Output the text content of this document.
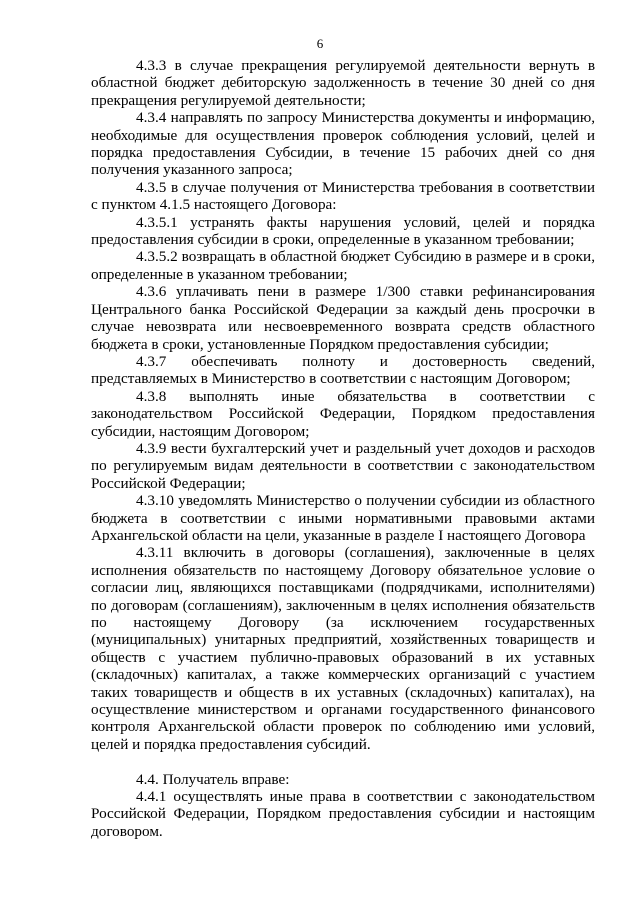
6

4.3.3 в случае прекращения регулируемой деятельности вернуть в областной бюджет дебиторскую задолженность в течение 30 дней со дня прекращения регулируемой деятельности;

4.3.4 направлять по запросу Министерства документы и информацию, необходимые для осуществления проверок соблюдения условий, целей и порядка предоставления Субсидии, в течение 15 рабочих дней со дня получения указанного запроса;

4.3.5 в случае получения от Министерства требования в соответствии с пунктом 4.1.5 настоящего Договора:

4.3.5.1 устранять факты нарушения условий, целей и порядка предоставления субсидии в сроки, определенные в указанном требовании;

4.3.5.2 возвращать в областной бюджет Субсидию в размере и в сроки, определенные в указанном требовании;

4.3.6 уплачивать пени в размере 1/300 ставки рефинансирования Центрального банка Российской Федерации за каждый день просрочки в случае невозврата или несвоевременного возврата средств областного бюджета в сроки, установленные Порядком предоставления субсидии;

4.3.7 обеспечивать полноту и достоверность сведений, представляемых в Министерство в соответствии с настоящим Договором;

4.3.8 выполнять иные обязательства в соответствии с законодательством Российской Федерации, Порядком предоставления субсидии, настоящим Договором;

4.3.9 вести бухгалтерский учет и раздельный учет доходов и расходов по регулируемым видам деятельности в соответствии с законодательством Российской Федерации;

4.3.10 уведомлять Министерство о получении субсидии из областного бюджета в соответствии с иными нормативными правовыми актами Архангельской области на цели, указанные в разделе I настоящего Договора

4.3.11 включить в договоры (соглашения), заключенные в целях исполнения обязательств по настоящему Договору обязательное условие о согласии лиц, являющихся поставщиками (подрядчиками, исполнителями) по договорам (соглашениям), заключенным в целях исполнения обязательств по настоящему Договору (за исключением государственных (муниципальных) унитарных предприятий, хозяйственных товариществ и обществ с участием публично-правовых образований в их уставных (складочных) капиталах, а также коммерческих организаций с участием таких товариществ и обществ в их уставных (складочных) капиталах), на осуществление министерством и органами государственного финансового контроля Архангельской области проверок по соблюдению ими условий, целей и порядка предоставления субсидий.

4.4. Получатель вправе:

4.4.1 осуществлять иные права в соответствии с законодательством Российской Федерации, Порядком предоставления субсидии и настоящим договором.
